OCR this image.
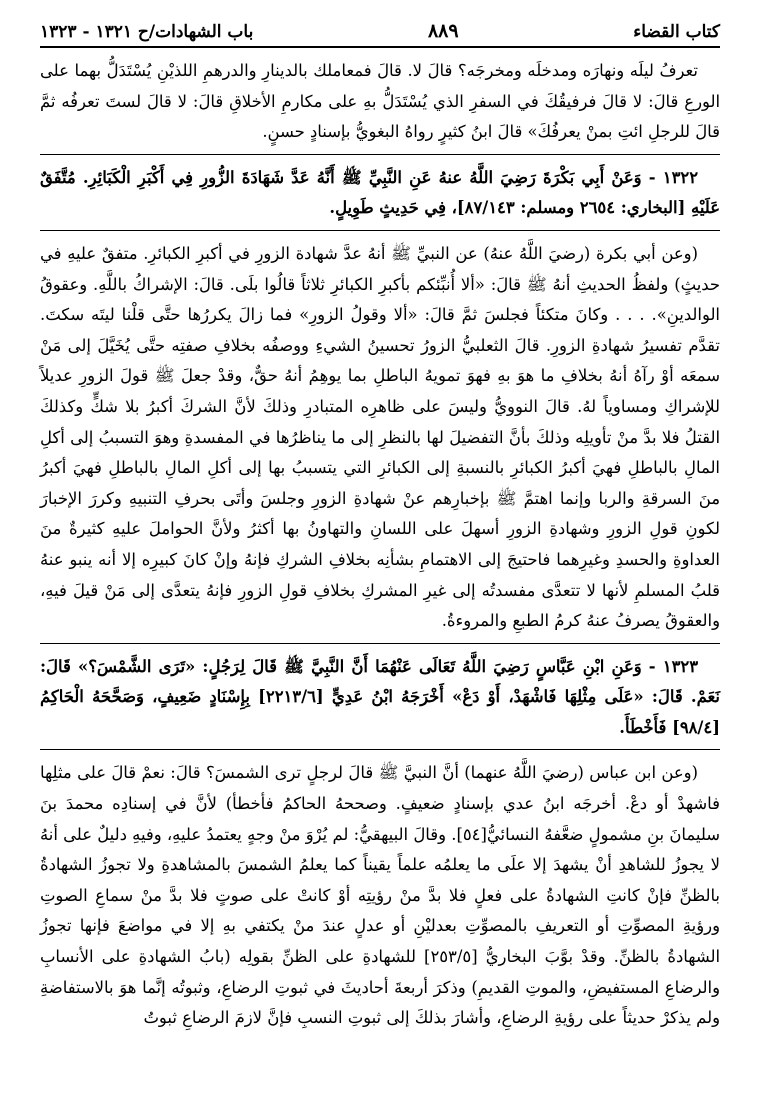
كتاب القضاء
٨٨٩
باب الشهادات/ح ١٣٢١ - ١٣٢٣

تعرفُ ليلَه ونهارَه ومدخلَه ومخرجَه؟ قالَ لا. قالَ فمعاملك بالدينارِ والدرهمِ اللذيْنِ يُسْتَدَلُّ بهما على الورعِ قالَ: لا قالَ فرفيقُكَ في السفرِ الذي يُسْتَدَلُّ بهِ على مكارمِ الأخلاقِ قالَ: لا قالَ لستَ تعرفُه ثمَّ قالَ للرجلِ ائتِ بمنْ يعرفُكَ» قالَ ابنُ كثيرٍ رواهُ البغويُّ بإسنادٍ حسنٍ.

١٣٢٢ - وَعَنْ أَبِي بَكْرَةَ رَضِيَ اللَّهُ عنهُ عَنِ النَّبِيِّ ﷺ أَنَّهُ عَدَّ شَهَادَةَ الزُّورِ فِي أَكْبَرِ الْكَبَائِرِ. مُتَّفَقٌ عَلَيْهِ [البخاري: ٢٦٥٤ ومسلم: ٨٧/١٤٣]، فِي حَدِيثٍ طَوِيلٍ.

(وعن أبي بكرة (رضيَ اللَّهُ عنهُ) عن النبيِّ ﷺ أنهُ عدَّ شهادة الزورِ في أكبرِ الكبائرِ. متفقٌ عليهِ في حديثٍ) ولفظُ الحديثِ أنهُ ﷺ قالَ: «ألا أُنبِّئكم بأكبرِ الكبائرِ ثلاثاً قالُوا بلَى. قالَ: الإشراكُ باللَّهِ. وعقوقُ الوالدينِ». . . . وكانَ متكئاً فجلسَ ثمَّ قالَ: «ألا وقولُ الزورِ» فما زالَ يكررُها حتَّى قلْنا ليتَه سكتَ. تقدَّم تفسيرُ شهادةِ الزورِ. قالَ الثعلبيُّ الزورُ تحسينُ الشيءِ ووصفُه بخلافِ صفتِه حتَّى يُخَيَّلَ إلى مَنْ سمعَه أوْ رآهُ أنهُ بخلافِ ما هوَ بهِ فهوَ تمويهُ الباطلِ بما يوهِمُ أنهُ حقٌّ، وقدْ جعلَ ﷺ قولَ الزورِ عديلاً للإشراكِ ومساوياً لهُ. قالَ النوويُّ وليسَ على ظاهرِه المتبادرِ وذلكَ لأنَّ الشركَ أكبرُ بلا شكٍّ وكذلكَ القتلُ فلا بدَّ منْ تأويلِه وذلكَ بأنَّ التفضيلَ لها بالنظرِ إلى ما يناظرُها في المفسدةِ وهوَ التسببُ إلى أكلِ المالِ بالباطلِ فهيَ أكبرُ الكبائرِ بالنسبةِ إلى الكبائرِ التي يتسببُ بها إلى أكلِ المالِ بالباطلِ فهيَ أكبرُ منَ السرقةِ والربا وإنما اهتمَّ ﷺ بإخبارِهم عنْ شهادةِ الزورِ وجلسَ وأتَى بحرفِ التنبيهِ وكررَ الإخبارَ لكونِ قولِ الزورِ وشهادةِ الزورِ أسهلَ على اللسانِ والتهاونُ بها أكثرُ ولأنَّ الحواملَ عليهِ كثيرةٌ منَ العداوةِ والحسدِ وغيرِهما فاحتيجَ إلى الاهتمامِ بشأنِه بخلافِ الشركِ فإنهُ وإنْ كانَ كبيرِه إلا أنه ينبو عنهُ قلبُ المسلمِ لأنها لا تتعدَّى مفسدتُه إلى غيرِ المشركِ بخلافِ قولِ الزورِ فإنهُ يتعدَّى إلى مَنْ قيلَ فيهِ، والعقوقُ يصرفُ عنهُ كرمُ الطبعِ والمروءةُ.

١٣٢٣ - وَعَنِ ابْنِ عَبَّاسٍ رَضِيَ اللَّهُ تَعَالَى عَنْهُمَا أَنَّ النَّبِيَّ ﷺ قَالَ لِرَجُلٍ: «تَرَى الشَّمْسَ؟» قَالَ: نَعَمْ. قَالَ: «عَلَى مِثْلِهَا فَاشْهَدْ، أَوْ دَعْ» أَخْرَجَهُ ابْنُ عَدِيٍّ [٢٢١٣/٦] بِإِسْنَادٍ ضَعِيفٍ، وَصَحَّحَهُ الْحَاكِمُ [٩٨/٤] فَأَخْطَأَ.

(وعن ابن عباس (رضيَ اللَّهُ عنهما) أنَّ النبيَّ ﷺ قالَ لرجلٍ ترى الشمسَ؟ قالَ: نعمْ قالَ على مثلِها فاشهدْ أو دعْ. أخرجَه ابنُ عدي بإسنادٍ ضعيفٍ. وصححهُ الحاكمُ فأخطأ) لأنَّ في إسنادِه محمدَ بنَ سليمانَ بنِ مشمولٍ ضعَّفهُ النسائيُّ[٥٤]. وقالَ البيهقيُّ: لم يُرْوَ منْ وجهٍ يعتمدُ عليهِ، وفيهِ دليلٌ على أنهُ لا يجوزُ للشاهدِ أنْ يشهدَ إلا علَى ما يعلمُه علماً يقيناً كما يعلمُ الشمسَ بالمشاهدةِ ولا تجوزُ الشهادةُ بالظنِّ فإنْ كانتِ الشهادةُ على فعلٍ فلا بدَّ منْ رؤيتِه أوْ كانتْ على صوتٍ فلا بدَّ منْ سماعِ الصوتِ ورؤيةِ المصوِّتِ أو التعريفِ بالمصوِّتِ بعدليْنِ أو عدلٍ عندَ منْ يكتفي بهِ إلا في مواضعَ فإنها تجوزُ الشهادةُ بالظنِّ. وقدْ بوَّبَ البخاريُّ [٢٥٣/٥] للشهادةِ على الظنِّ بقولِه (بابُ الشهادةِ على الأنسابِ والرضاعِ المستفيضِ، والموتِ القديمِ) وذكرَ أربعةَ أحاديثَ في ثبوتِ الرضاعِ، وثبوتُه إنَّما هوَ بالاستفاضةِ ولم يذكرْ حديثاً على رؤيةِ الرضاعِ، وأشارَ بذلكَ إلى ثبوتِ النسبِ فإنَّ لازمَ الرضاعِ ثبوتُ
